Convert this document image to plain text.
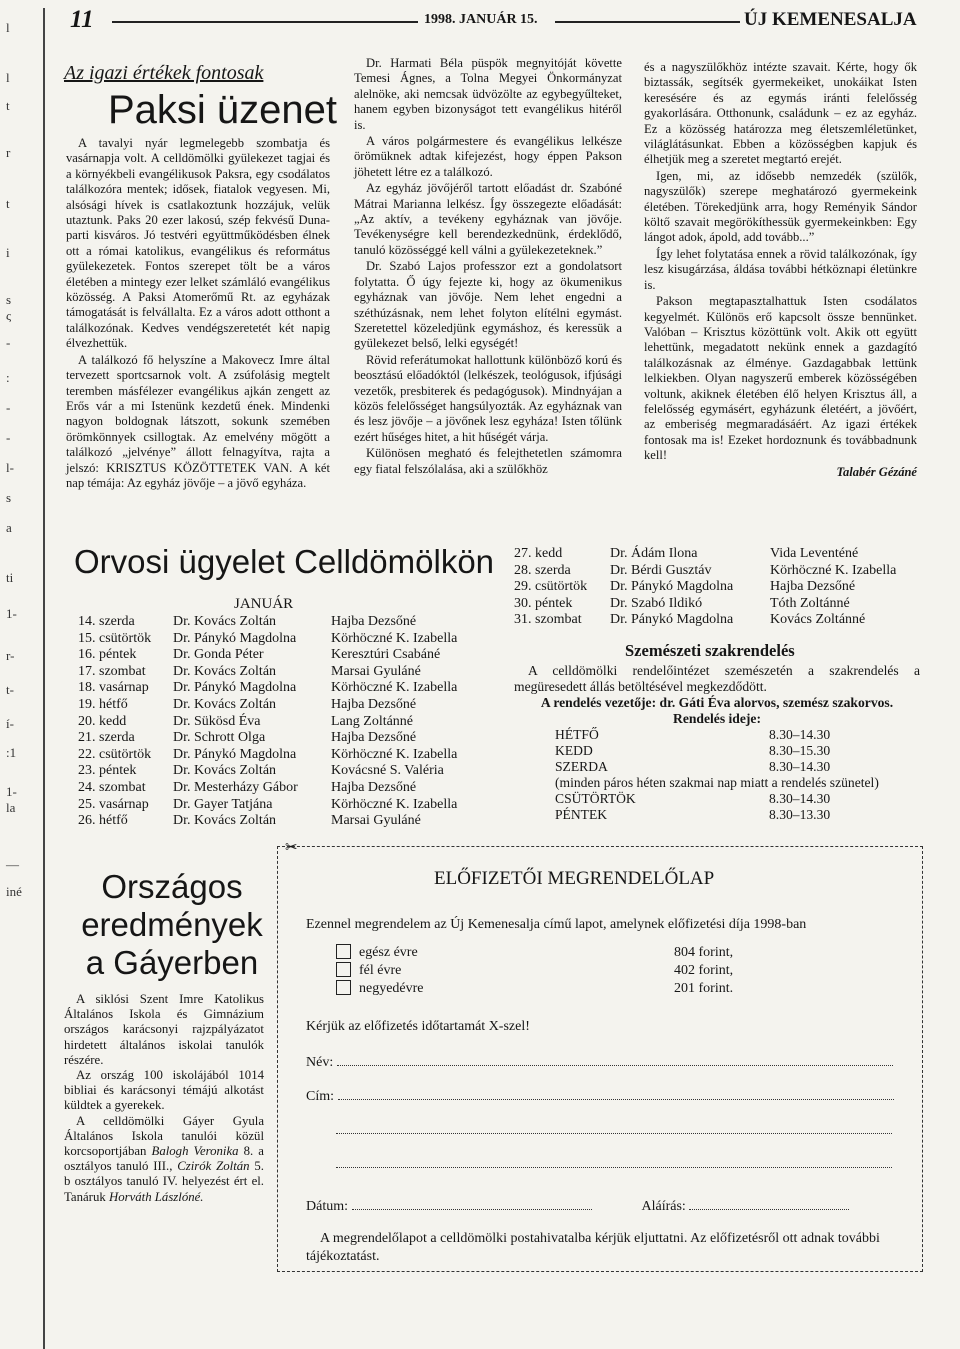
l
l
t
r
t
i
s
ς
-
:
-
-
l-
s
a
ti
1-
r-
t-
í-
:1
1-
la
—
iné
11	1998. JANUÁR 15.	ÚJ KEMENESALJA
Az igazi értékek fontosak
Paksi üzenet

A tavalyi nyár legmelegebb szombatja és vasárnapja volt. A celldömölki gyülekezet tagjai és a környékbeli evangélikusok Paksra, egy csodálatos találkozóra mentek; idősek, fiatalok vegyesen. Mi, alsósági hívek is csatlakoztunk hozzájuk, velük utaztunk. Paks 20 ezer lakosú, szép fekvésű Duna-parti kisváros. Jó testvéri együttműködésben élnek ott a római katolikus, evangélikus és református gyülekezetek. Fontos szerepet tölt be a város életében a mintegy ezer lelket számláló evangélikus közösség. A Paksi Atomerőmű Rt. az egyházak támogatását is felvállalta. Ez a város adott otthont a találkozónak. Kedves vendégszeretetét két napig élvezhettük.

A találkozó fő helyszíne a Makovecz Imre által tervezett sportcsarnok volt. A zsúfolásig megtelt teremben másfélezer evangélikus ajkán zengett az Erős vár a mi Istenünk kezdetű ének. Mindenki nagyon boldognak látszott, sokunk szemében örömkönnyek csillogtak. Az emelvény mögött a találkozó „jelvénye” állott felnagyítva, rajta a jelszó: KRISZTUS KÖZÖTTETEK VAN. A két nap témája: Az egyház jövője – a jövő egyháza.

Dr. Harmati Béla püspök megnyitóját követte Temesi Ágnes, a Tolna Megyei Önkormányzat alelnöke, aki nemcsak üdvözölte az egybegyűlteket, hanem egyben bizonyságot tett evangélikus hitéről is.

A város polgármestere és evangélikus lelkésze örömüknek adtak kifejezést, hogy éppen Pakson jöhetett létre ez a találkozó.

Az egyház jövőjéről tartott előadást dr. Szabóné Mátrai Marianna lelkész. Így összegezte előadását: „Az aktív, a tevékeny egyháznak van jövője. Tevékenységre kell berendezkednünk, érdeklődő, tanuló közösséggé kell válni a gyülekezeteknek.”

Dr. Szabó Lajos professzor ezt a gondolatsort folytatta. Ő úgy fejezte ki, hogy az ökumenikus egyháznak van jövője. Nem lehet engedni a széthúzásnak, nem lehet folyton elítélni egymást. Szeretettel közeledjünk egymáshoz, és keressük a gyülekezet belső, lelki egységét!

Rövid referátumokat hallottunk különböző korú és beosztású előadóktól (lelkészek, teológusok, ifjúsági vezetők, presbiterek és pedagógusok). Mindnyájan a közös felelősséget hangsúlyozták. Az egyháznak van és lesz jövője – a jövőnek lesz egyháza! Isten tőlünk ezért hűséges hitet, a hit hűségét várja.

Különösen megható és felejthetetlen számomra egy fiatal felszólalása, aki a szülőkhöz

és a nagyszülőkhöz intézte szavait. Kérte, hogy ők biztassák, segítsék gyermekeiket, unokáikat Isten keresésére és az egymás iránti felelősség gyakorlására. Otthonunk, családunk – ez az egyház. Ez a közösség határozza meg életszemléletünket, világlátásunkat. Ebben a közösségben kapjuk és élhetjük meg a szeretet megtartó erejét.

Igen, mi, az idősebb nemzedék (szülők, nagyszülők) szerepe meghatározó gyermekeink életében. Törekedjünk arra, hogy Reményik Sándor költő szavait megörökíthessük gyermekeinkben: Egy lángot adok, ápold, add tovább...”

Így lehet folytatása ennek a rövid találkozónak, így lesz kisugárzása, áldása további hétköznapi életünkre is.

Pakson megtapasztalhattuk Isten csodálatos kegyelmét. Különös erő kapcsolt össze bennünket. Valóban – Krisztus közöttünk volt. Akik ott együtt lehettünk, megadatott nekünk ennek a gazdagító találkozásnak az élménye. Gazdagabbak lettünk lelkiekben. Olyan nagyszerű emberek közösségében voltunk, akiknek életében élő helyen Krisztus áll, a felelősség egymásért, egyházunk életéért, a jövőért, az emberiség megmaradásáért. Az igazi értékek fontosak ma is! Ezeket hordoznunk és továbbadnunk kell!

Talabér Gézáné
Orvosi ügyelet Celldömölkön
JANUÁR
14. szerda	Dr. Kovács Zoltán	Hajba Dezsőné
15. csütörtök	Dr. Pánykó Magdolna	Körhöczné K. Izabella
16. péntek	Dr. Gonda Péter	Keresztúri Csabáné
17. szombat	Dr. Kovács Zoltán	Marsai Gyuláné
18. vasárnap	Dr. Pánykó Magdolna	Körhöczné K. Izabella
19. hétfő	Dr. Kovács Zoltán	Hajba Dezsőné
20. kedd	Dr. Sükösd Éva	Lang Zoltánné
21. szerda	Dr. Schrott Olga	Hajba Dezsőné
22. csütörtök	Dr. Pánykó Magdolna	Körhöczné K. Izabella
23. péntek	Dr. Kovács Zoltán	Kovácsné S. Valéria
24. szombat	Dr. Mesterházy Gábor	Hajba Dezsőné
25. vasárnap	Dr. Gayer Tatjána	Körhöczné K. Izabella
26. hétfő	Dr. Kovács Zoltán	Marsai Gyuláné
27. kedd	Dr. Ádám Ilona	Vida Leventéné
28. szerda	Dr. Bérdi Gusztáv	Körhöczné K. Izabella
29. csütörtök	Dr. Pánykó Magdolna	Hajba Dezsőné
30. péntek	Dr. Szabó Ildikó	Tóth Zoltánné
31. szombat	Dr. Pánykó Magdolna	Kovács Zoltánné
Szemészeti szakrendelés
A celldömölki rendelőintézet szemészetén a szakrendelés a megüresedett állás betöltésével megkezdődött.
A rendelés vezetője: dr. Gáti Éva alorvos, szemész szakorvos.
Rendelés ideje:
HÉTFŐ	8.30–14.30
KEDD	8.30–15.30
SZERDA	8.30–14.30
(minden páros héten szakmai nap miatt a rendelés szünetel)
CSÜTÖRTÖK	8.30–14.30
PÉNTEK	8.30–13.30
Országos
eredmények
a Gáyerben

A siklósi Szent Imre Katolikus Általános Iskola és Gimnázium országos karácsonyi rajzpályázatot hirdetett általános iskolai tanulók részére.

Az ország 100 iskolájából 1014 bibliai és karácsonyi témájú alkotást küldtek a gyerekek.

A celldömölki Gáyer Gyula Általános Iskola tanulói közül korcsoportjában Balogh Veronika 8. a osztályos tanuló III., Czirók Zoltán 5. b osztályos tanuló IV. helyezést ért el. Tanáruk Horváth Lászlóné.

✂
ELŐFIZETŐI MEGRENDELŐLAP
Ezennel megrendelem az Új Kemenesalja című lapot, amelynek előfizetési díja 1998-ban
egész évre	804 forint,
fél évre	402 forint,
negyedévre	201 forint.
Kérjük az előfizetés időtartamát X-szel!
Név:
Cím:
Dátum:	Aláírás:
A megrendelőlapot a celldömölki postahivatalba kérjük eljuttatni. Az előfizetésről ott adnak további tájékoztatást.
